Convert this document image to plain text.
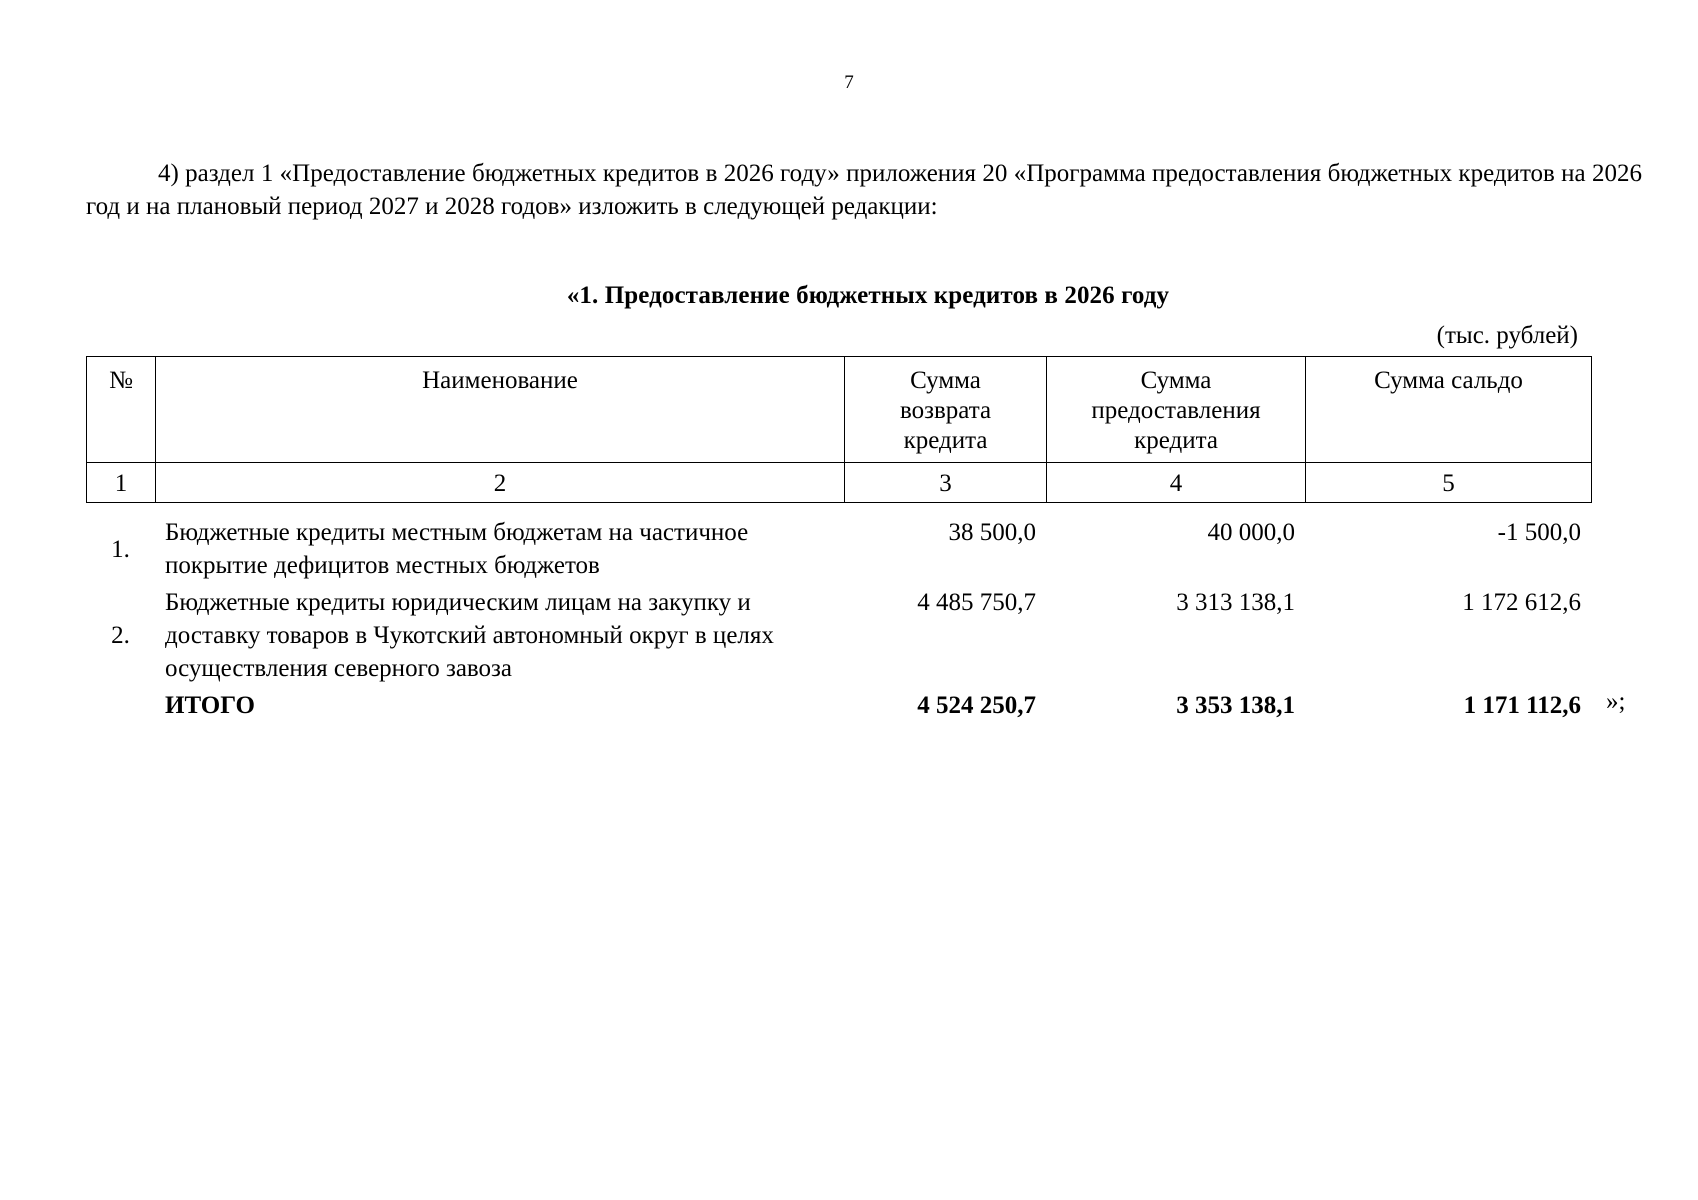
7

4) раздел 1 «Предоставление бюджетных кредитов в 2026 году» приложения 20 «Программа предоставления бюджетных кредитов на 2026 год и на плановый период 2027 и 2028 годов» изложить в следующей редакции:

«1. Предоставление бюджетных кредитов в 2026 году
(тыс. рублей)
№	Наименование	Сумма возврата кредита	Сумма предоставления кредита	Сумма сальдо
1	2	3	4	5
1.	Бюджетные кредиты местным бюджетам на частичное покрытие дефицитов местных бюджетов	38 500,0	40 000,0	-1 500,0
2.	Бюджетные кредиты юридическим лицам на закупку и доставку товаров в Чукотский автономный округ в целях осуществления северного завоза	4 485 750,7	3 313 138,1	1 172 612,6
	ИТОГО	4 524 250,7	3 353 138,1	1 171 112,6 »;
